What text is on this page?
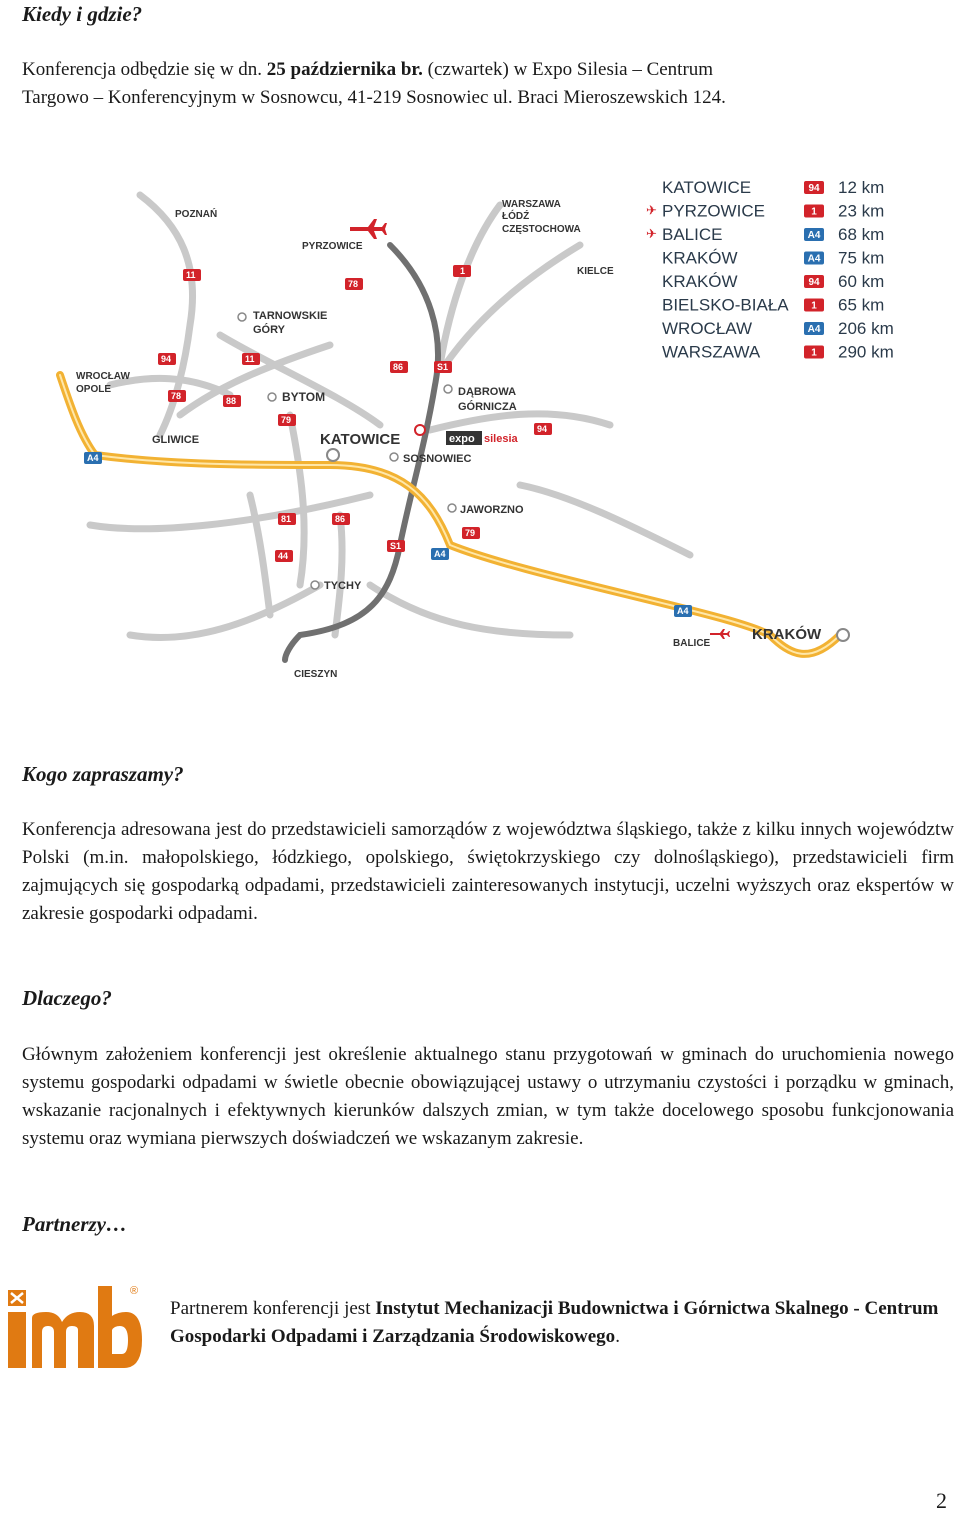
Kiedy i gdzie?

Konferencja odbędzie się w dn. 25 października br. (czwartek) w Expo Silesia – Centrum

Targowo – Konferencyjnym w Sosnowcu, 41-219 Sosnowiec ul. Braci Mieroszewskich 124.

POZNAŃ
PYRZOWICE
WARSZAWA
ŁÓDŹ
CZĘSTOCHOWA
KIELCE
TARNOWSKIE
GÓRY
WROCŁAW
OPOLE
BYTOM	DĄBROWA
GÓRNICZA
GLIWICE	KATOWICE	expo silesia
SOSNOWIEC
JAWORZNO
TYCHY
BALICE
KRAKÓW
CIESZYN
11
78
1
94	11
78	88
86	S1
79
94
A4
79
81	86
44
S1
A4
A4
KATOWICE	94 12 km
✈ PYRZOWICE	1 23 km
✈ BALICE	A4 68 km
KRAKÓW	A4 75 km
KRAKÓW	94 60 km
BIELSKO-BIAŁA 1 65 km
WROCŁAW	A4 206 km
WARSZAWA	1 290 km
Kogo zapraszamy?
Konferencja adresowana jest do przedstawicieli samorządów z województwa śląskiego, także z kilku innych województw Polski (m.in. małopolskiego, łódzkiego, opolskiego, świętokrzyskiego czy dolnośląskiego), przedstawicieli firm zajmujących się gospodarką odpadami, przedstawicieli zainteresowanych instytucji, uczelni wyższych oraz ekspertów w zakresie gospodarki odpadami.
Dlaczego?
Głównym założeniem konferencji jest określenie aktualnego stanu przygotowań w gminach do uruchomienia nowego systemu gospodarki odpadami w świetle obecnie obowiązującej ustawy o utrzymaniu czystości i porządku w gminach, wskazanie racjonalnych i efektywnych kierunków dalszych zmian, w tym także docelowego sposobu funkcjonowania systemu oraz wymiana pierwszych doświadczeń we wskazanym zakresie.
Partnerzy…
®
Partnerem konferencji jest Instytut Mechanizacji Budownictwa i Górnictwa Skalnego - Centrum Gospodarki Odpadami i Zarządzania Środowiskowego.
2
